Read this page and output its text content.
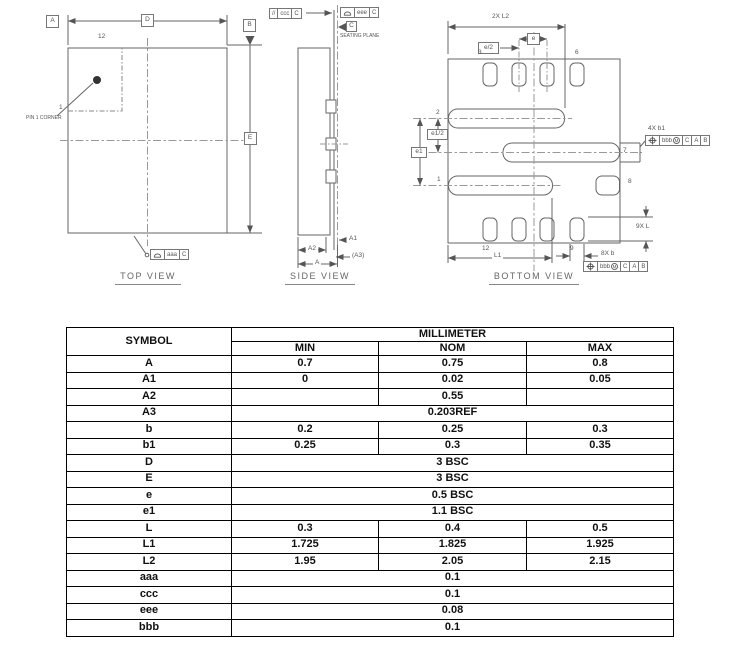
A	D
B
E
12
1
PIN 1 CORNER
aaa C
TOP VIEW
// ccc C	eee C
C
SEATING PLANE
A1
A2
(A3)
A
SIDE VIEW
2X L2
e/2
e
e1/2
e1
3	6
2
1
7
8
12	9
4X b1
bbb M	C A B
9X L
L1	8X b
bbb M	C A B
BOTTOM VIEW
SYMBOL	MILLIMETER		
	MIN	NOM	MAX
A	0.7	0.75	0.8
A1	0	0.02	0.05
A2		0.55	
A3	0.203REF		
b	0.2	0.25	0.3
b1	0.25	0.3	0.35
D	3 BSC		
E	3 BSC		
e	0.5 BSC		
e1	1.1 BSC		
L	0.3	0.4	0.5
L1	1.725	1.825	1.925
L2	1.95	2.05	2.15
aaa	0.1		
ccc	0.1		
eee	0.08		
bbb	0.1		
